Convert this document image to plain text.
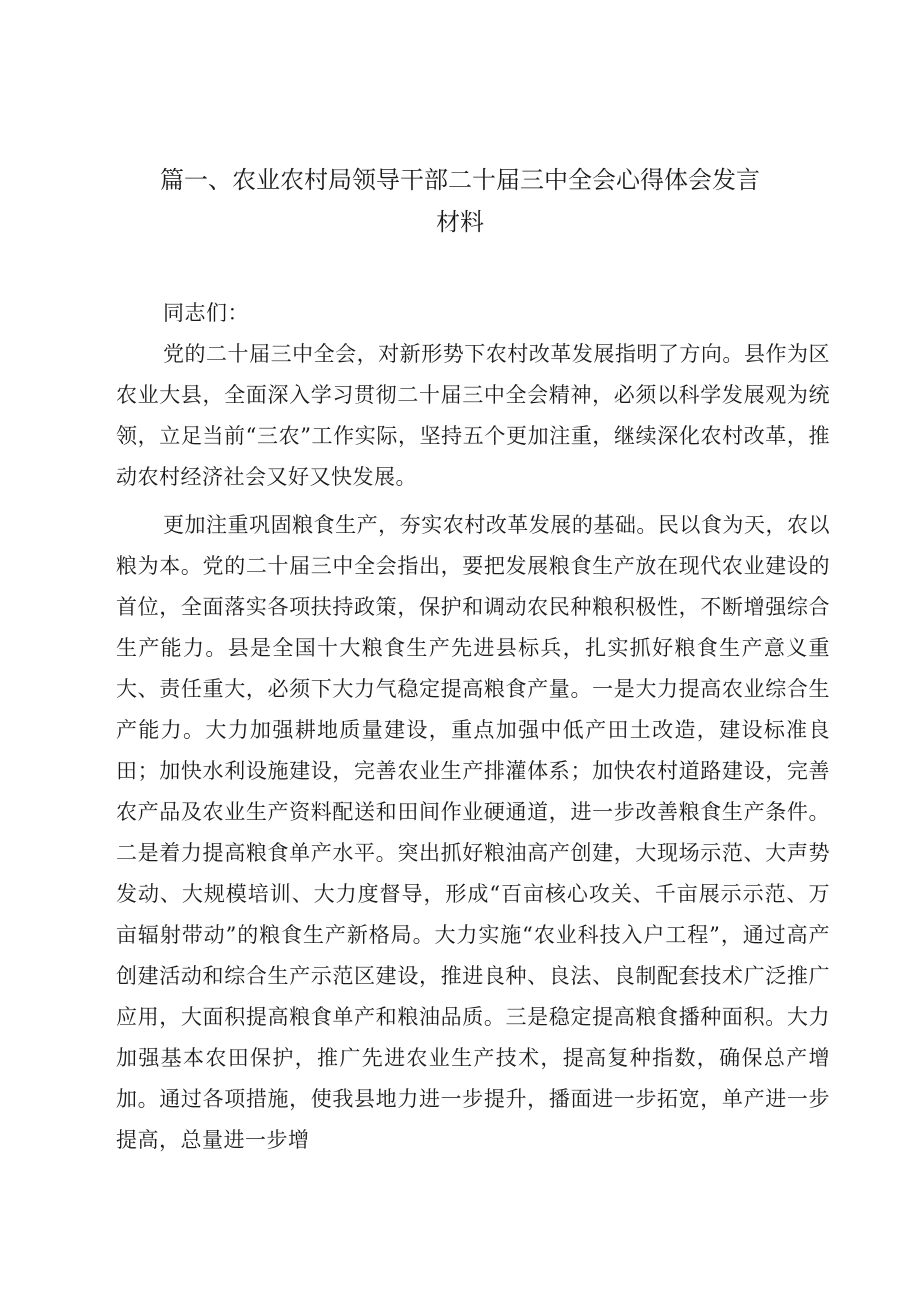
篇一、农业农村局领导干部二十届三中全会心得体会发言
材料
同志们：

党的二十届三中全会，对新形势下农村改革发展指明了方向。县作为区农业大县，全面深入学习贯彻二十届三中全会精神，必须以科学发展观为统领，立足当前“三农”工作实际，坚持五个更加注重，继续深化农村改革，推动农村经济社会又好又快发展。

更加注重巩固粮食生产，夯实农村改革发展的基础。民以食为天，农以粮为本。党的二十届三中全会指出，要把发展粮食生产放在现代农业建设的首位，全面落实各项扶持政策，保护和调动农民种粮积极性，不断增强综合生产能力。县是全国十大粮食生产先进县标兵，扎实抓好粮食生产意义重大、责任重大，必须下大力气稳定提高粮食产量。一是大力提高农业综合生产能力。大力加强耕地质量建设，重点加强中低产田土改造，建设标准良田；加快水利设施建设，完善农业生产排灌体系；加快农村道路建设，完善农产品及农业生产资料配送和田间作业硬通道，进一步改善粮食生产条件。二是着力提高粮食单产水平。突出抓好粮油高产创建，大现场示范、大声势发动、大规模培训、大力度督导，形成“百亩核心攻关、千亩展示示范、万亩辐射带动”的粮食生产新格局。大力实施“农业科技入户工程”，通过高产创建活动和综合生产示范区建设，推进良种、良法、良制配套技术广泛推广应用，大面积提高粮食单产和粮油品质。三是稳定提高粮食播种面积。大力加强基本农田保护，推广先进农业生产技术，提高复种指数，确保总产增加。通过各项措施，使我县地力进一步提升，播面进一步拓宽，单产进一步提高，总量进一步增
